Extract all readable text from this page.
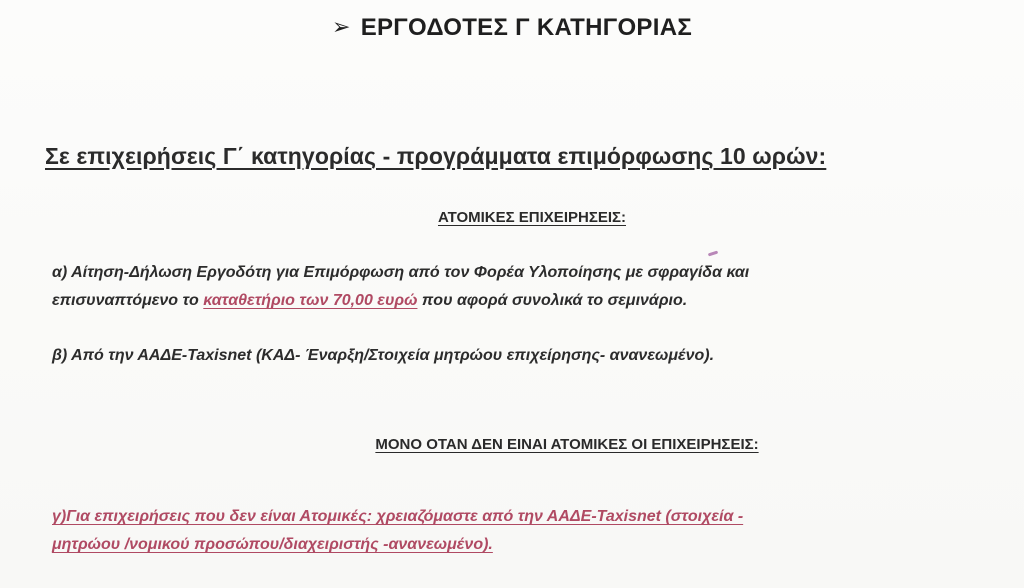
➢ ΕΡΓΟΔΟΤΕΣ Γ ΚΑΤΗΓΟΡΙΑΣ
Σε επιχειρήσεις Γ΄ κατηγορίας - προγράμματα επιμόρφωσης 10 ωρών:
ΑΤΟΜΙΚΕΣ ΕΠΙΧΕΙΡΗΣΕΙΣ:
α) Αίτηση-Δήλωση Εργοδότη για Επιμόρφωση από τον Φορέα Υλοποίησης με σφραγίδα και
επισυναπτόμενο το καταθετήριο των 70,00 ευρώ που αφορά συνολικά το σεμινάριο.
β) Από την ΑΑΔΕ-Taxisnet (ΚΑΔ- Έναρξη/Στοιχεία μητρώου επιχείρησης- ανανεωμένο).
ΜΟΝΟ ΟΤΑΝ ΔΕΝ ΕΙΝΑΙ ΑΤΟΜΙΚΕΣ ΟΙ ΕΠΙΧΕΙΡΗΣΕΙΣ:
γ)Για επιχειρήσεις που δεν είναι Ατομικές: χρειαζόμαστε από την ΑΑΔΕ-Taxisnet (στοιχεία -
μητρώου /νομικού προσώπου/διαχειριστής -ανανεωμένο).
